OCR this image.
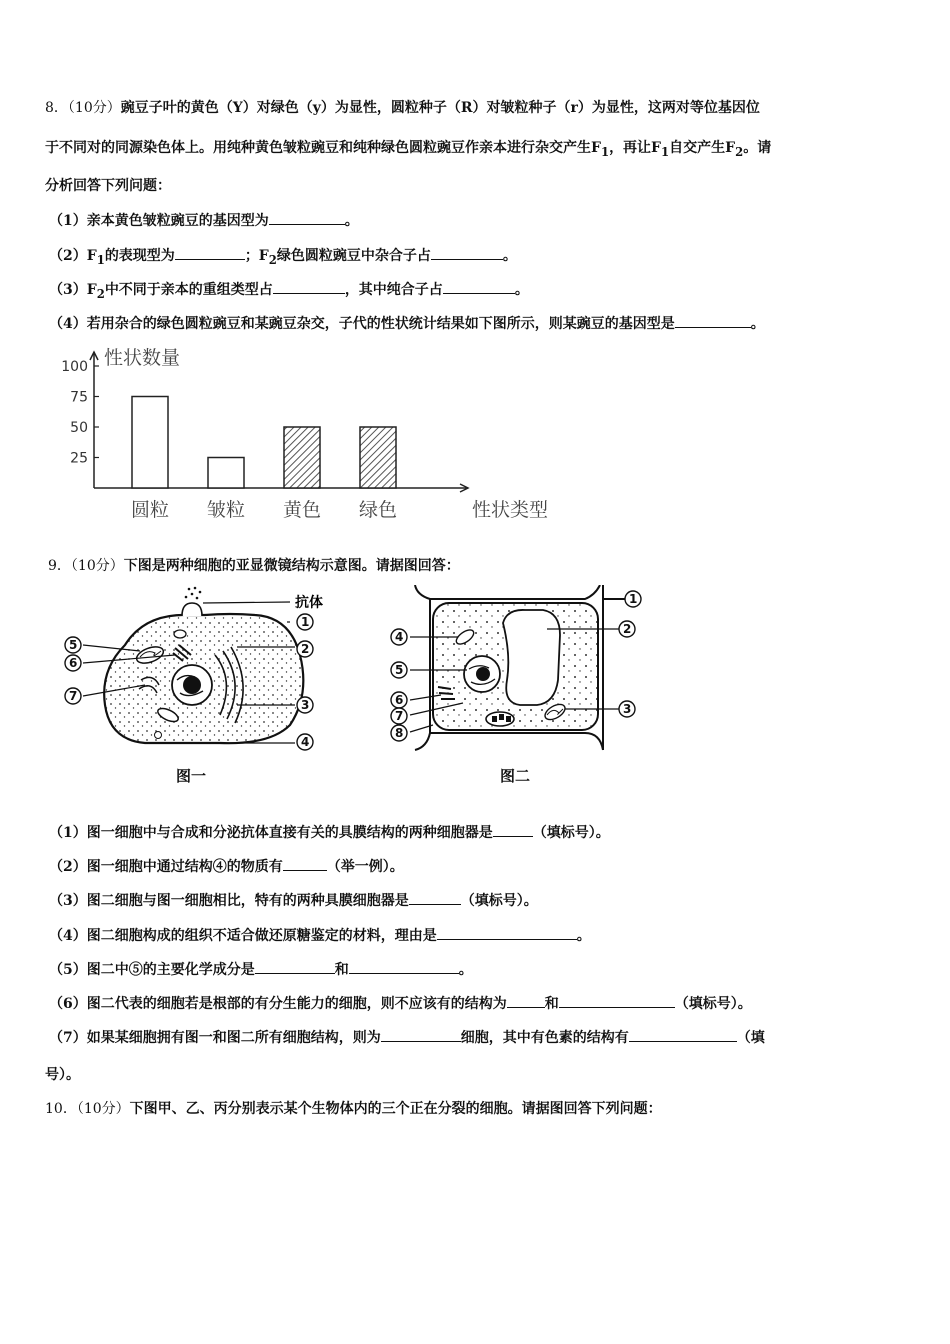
8．（10分）豌豆子叶的黄色（Y）对绿色（y）为显性，圆粒种子（R）对皱粒种子（r）为显性，这两对等位基因位
于不同对的同源染色体上。用纯种黄色皱粒豌豆和纯种绿色圆粒豌豆作亲本进行杂交产生$F_1$，再让$F_1$自交产生$F_2$。请
分析回答下列问题：
（1）亲本黄色皱粒豌豆的基因型为	。
$(2)F_1$的表现型为	；$F_2$绿色圆粒豌豆中杂合子占	。
$(3)F_2$中不同于亲本的重组类型占	，其中纯合子占	。
（4）若用杂合的绿色圆粒豌豆和某豌豆杂交，子代的性状统计结果如下图所示，则某豌豆的基因型是	。
25
50
75
100 性状数量
性状类型
圆粒 皱粒 黄色 绿色
9．（10分）下图是两种细胞的亚显微镜结构示意图。请据图回答：
抗体
1
2
3
4
5
6
7
1
2
3
4
5
6
7
8
图一	图二
（1）图一细胞中与合成和分泌抗体直接有关的具膜结构的两种细胞器是	（填标号）。
（2）图一细胞中通过结构④的物质有	（举一例）。
（3）图二细胞与图一细胞相比，特有的两种具膜细胞器是	（填标号）。
（4）图二细胞构成的组织不适合做还原糖鉴定的材料，理由是	。
（5）图二中⑤的主要化学成分是	和	。
（6）图二代表的细胞若是根部的有分生能力的细胞，则不应该有的结构为	和	（填标号）。
（7）如果某细胞拥有图一和图二所有细胞结构，则为	细胞，其中有色素的结构有	（填
号）。
10．（10分）下图甲、乙、丙分别表示某个生物体内的三个正在分裂的细胞。请据图回答下列问题：
